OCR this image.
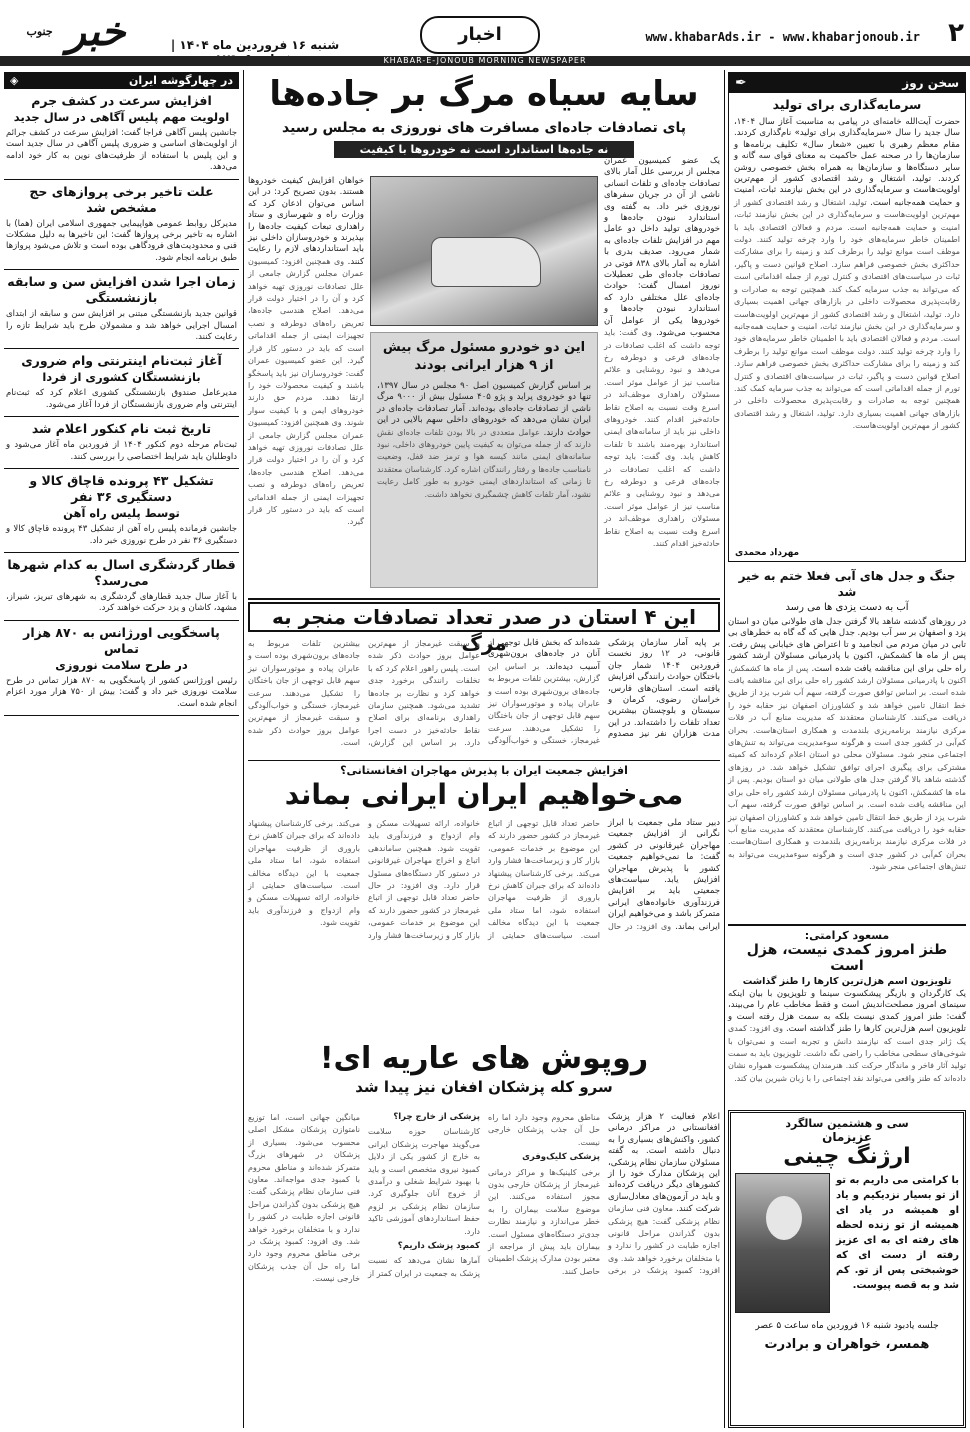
۲
www.khabarAds.ir - www.khabarjonoub.ir
اخبار
شنبه ۱۶ فروردین ماه ۱۴۰۴ |
خبر $^{جنوب}$
KHABAR-E-JONOUB MORNING NEWSPAPER
سخن روز
✒
سرمایه‌گذاری برای تولید
حضرت آیت‌الله خامنه‌ای در پیامی به مناسبت آغاز سال ۱۴۰۴، سال جدید را سال «سرمایه‌گذاری برای تولید» نام‌گذاری کردند. مقام معظم رهبری با تعیین «شعار سال» تکلیف برنامه‌ها و سازمان‌ها را در صحنه عمل حاکمیت به معنای قوای سه گانه و سایر دستگاه‌ها و سازمان‌ها به همراه بخش خصوصی روشن کردند. تولید، اشتغال و رشد اقتصادی کشور از مهم‌ترین اولویت‌هاست و سرمایه‌گذاری در این بخش نیازمند ثبات، امنیت و حمایت همه‌جانبه است. تولید، اشتغال و رشد اقتصادی کشور از مهم‌ترین اولویت‌هاست و سرمایه‌گذاری در این بخش نیازمند ثبات، امنیت و حمایت همه‌جانبه است. مردم و فعالان اقتصادی باید با اطمینان خاطر سرمایه‌های خود را وارد چرخه تولید کنند. دولت موظف است موانع تولید را برطرف کند و زمینه را برای مشارکت حداکثری بخش خصوصی فراهم سازد. اصلاح قوانین دست و پاگیر، ثبات در سیاست‌های اقتصادی و کنترل تورم از جمله اقداماتی است که می‌تواند به جذب سرمایه کمک کند. همچنین توجه به صادرات و رقابت‌پذیری محصولات داخلی در بازارهای جهانی اهمیت بسیاری دارد. تولید، اشتغال و رشد اقتصادی کشور از مهم‌ترین اولویت‌هاست و سرمایه‌گذاری در این بخش نیازمند ثبات، امنیت و حمایت همه‌جانبه است. مردم و فعالان اقتصادی باید با اطمینان خاطر سرمایه‌های خود را وارد چرخه تولید کنند. دولت موظف است موانع تولید را برطرف کند و زمینه را برای مشارکت حداکثری بخش خصوصی فراهم سازد. اصلاح قوانین دست و پاگیر، ثبات در سیاست‌های اقتصادی و کنترل تورم از جمله اقداماتی است که می‌تواند به جذب سرمایه کمک کند. همچنین توجه به صادرات و رقابت‌پذیری محصولات داخلی در بازارهای جهانی اهمیت بسیاری دارد. تولید، اشتغال و رشد اقتصادی کشور از مهم‌ترین اولویت‌هاست.
مهرداد محمدی
جنگ و جدل های آبی فعلا ختم به خیر شد
آب به دست یزدی ها می رسد
در روزهای گذشته شاهد بالا گرفتن جدل های طولانی میان دو استان یزد و اصفهان بر سر آب بودیم. جدل هایی که گه گاه به خطرهای بی تابی در میان مردم می انجامید و تا اعتراض های خیابانی پیش رفت. پس از ماه ها کشمکش، اکنون با پادرمیانی مسئولان ارشد کشور راه حلی برای این مناقشه یافت شده است. پس از ماه ها کشمکش، اکنون با پادرمیانی مسئولان ارشد کشور راه حلی برای این مناقشه یافت شده است. بر اساس توافق صورت گرفته، سهم آب شرب یزد از طریق خط انتقال تامین خواهد شد و کشاورزان اصفهان نیز حقابه خود را دریافت می‌کنند. کارشناسان معتقدند که مدیریت منابع آب در فلات مرکزی نیازمند برنامه‌ریزی بلندمدت و همکاری استان‌هاست. بحران کم‌آبی در کشور جدی است و هرگونه سوءمدیریت می‌تواند به تنش‌های اجتماعی منجر شود. مسئولان محلی دو استان اعلام کرده‌اند که کمیته مشترکی برای پیگیری اجرای توافق تشکیل خواهد شد. در روزهای گذشته شاهد بالا گرفتن جدل های طولانی میان دو استان بودیم. پس از ماه ها کشمکش، اکنون با پادرمیانی مسئولان ارشد کشور راه حلی برای این مناقشه یافت شده است. بر اساس توافق صورت گرفته، سهم آب شرب یزد از طریق خط انتقال تامین خواهد شد و کشاورزان اصفهان نیز حقابه خود را دریافت می‌کنند. کارشناسان معتقدند که مدیریت منابع آب در فلات مرکزی نیازمند برنامه‌ریزی بلندمدت و همکاری استان‌هاست. بحران کم‌آبی در کشور جدی است و هرگونه سوءمدیریت می‌تواند به تنش‌های اجتماعی منجر شود.
مسعود کرامتی:
طنز امروز کمدی نیست، هزل است
تلویزیون اسم هزل‌ترین کارها را طنز گذاشت
یک کارگردان و بازیگر پیشکسوت سینما و تلویزیون با بیان اینکه سینمای امروز مصلحت‌اندیش است و فقط مخاطب عام را می‌بیند، گفت: طنز امروز کمدی نیست بلکه به سمت هزل رفته است و تلویزیون اسم هزل‌ترین کارها را طنز گذاشته است. وی افزود: کمدی یک ژانر جدی است که نیازمند دانش و تجربه است و نمی‌توان با شوخی‌های سطحی مخاطب را راضی نگه داشت. تلویزیون باید به سمت تولید آثار فاخر و ماندگار حرکت کند. هنرمندان پیشکسوت همواره نشان داده‌اند که طنز واقعی می‌تواند نقد اجتماعی را با زبان شیرین بیان کند.
سی و هشتمین سالگرد
عزیزمان
ارژنگ چینی
با کرامتی می داریم به تو از تو بسیار نزدیکیم و یاد او همیشه در یاد ای همیشه از تو زنده لحظه های رفته ای به ای عزیز رفته از دست ای که خوشبختی پس از تو. کم شد و به قصه پیوست.
جلسه یادبود شنبه ۱۶ فروردین ماه ساعت ۵ عصر
همسر، خواهران و برادرت
در چهارگوشه ایران
◈
افزایش سرعت در کشف جرم
اولویت مهم پلیس آگاهی در سال جدید
جانشین پلیس آگاهی فراجا گفت: افزایش سرعت در کشف جرائم از اولویت‌های اساسی و ضروری پلیس آگاهی در سال جدید است و این پلیس با استفاده از ظرفیت‌های نوین به کار خود ادامه می‌دهد.
علت تاخیر برخی پروازهای حج مشخص شد
مدیرکل روابط عمومی هواپیمایی جمهوری اسلامی ایران (هما) با اشاره به تاخیر برخی پروازها گفت: این تاخیرها به دلیل مشکلات فنی و محدودیت‌های فرودگاهی بوده است و تلاش می‌شود پروازها طبق برنامه انجام شود.
زمان اجرا شدن افزایش سن و سابقه بازنشستگی
قوانین جدید بازنشستگی مبتنی بر افزایش سن و سابقه از ابتدای امسال اجرایی خواهد شد و مشمولان طرح باید شرایط تازه را رعایت کنند.
آغاز ثبت‌نام اینترنتی وام ضروری
بازنشستگان کشوری از فردا
مدیرعامل صندوق بازنشستگی کشوری اعلام کرد که ثبت‌نام اینترنتی وام ضروری بازنشستگان از فردا آغاز می‌شود.
تاریخ ثبت نام کنکور اعلام شد
ثبت‌نام مرحله دوم کنکور ۱۴۰۴ از فروردین ماه آغاز می‌شود و داوطلبان باید شرایط اختصاصی را بررسی کنند.
تشکیل ۴۳ پرونده قاچاق کالا و دستگیری ۳۶ نفر
توسط پلیس راه آهن
جانشین فرمانده پلیس راه آهن از تشکیل ۴۳ پرونده قاچاق کالا و دستگیری ۳۶ نفر در طرح نوروزی خبر داد.
قطار گردشگری اسال به کدام شهرها می‌رسد؟
با آغاز سال جدید قطارهای گردشگری به شهرهای تبریز، شیراز، مشهد، کاشان و یزد حرکت خواهند کرد.
پاسخگویی اورژانس به ۸۷۰ هزار تماس
در طرح سلامت نوروزی
رئیس اورژانس کشور از پاسخگویی به ۸۷۰ هزار تماس در طرح سلامت نوروزی خبر داد و گفت: بیش از ۷۵۰ هزار مورد اعزام انجام شده است.
سایه سیاه مرگ بر جاده‌ها
پای تصادفات جاده‌ای مسافرت های نوروزی به مجلس رسید
نه جاده‌ها استاندارد است نه خودروها با کیفیت
یک عضو کمیسیون عمران مجلس از بررسی علل آمار بالای تصادفات جاده‌ای و تلفات انسانی ناشی از آن در جریان سفرهای نوروزی خبر داد. به گفته وی استاندارد نبودن جاده‌ها و خودروهای تولید داخل دو عامل مهم در افزایش تلفات جاده‌ای به شمار می‌رود. صدیف بدری با اشاره به آمار بالای ۸۳۸ فوتی در تصادفات جاده‌ای طی تعطیلات نوروز امسال گفت: حوادث جاده‌ای علل مختلفی دارد که استاندارد نبودن جاده‌ها و خودروها یکی از عوامل آن محسوب می‌شود. وی گفت: باید توجه داشت که اغلب تصادفات در جاده‌های فرعی و دوطرفه رخ می‌دهد و نبود روشنایی و علائم مناسب نیز از عوامل موثر است. مسئولان راهداری موظف‌اند در اسرع وقت نسبت به اصلاح نقاط حادثه‌خیز اقدام کنند. خودروهای داخلی نیز باید از سامانه‌های ایمنی استاندارد بهره‌مند باشند تا تلفات کاهش یابد. وی گفت: باید توجه داشت که اغلب تصادفات در جاده‌های فرعی و دوطرفه رخ می‌دهد و نبود روشنایی و علائم مناسب نیز از عوامل موثر است. مسئولان راهداری موظف‌اند در اسرع وقت نسبت به اصلاح نقاط حادثه‌خیز اقدام کنند.
خواهان افزایش کیفیت خودروها هستند. بدون تصریح کرد: در این اساس می‌توان اذعان کرد که وزارت راه و شهرسازی و ستاد راهداری تبعات کیفیت جاده‌ها را بپذیرند و خودروسازان داخلی نیز باید استانداردهای لازم را رعایت کنند. وی همچنین افزود: کمیسیون عمران مجلس گزارش جامعی از علل تصادفات نوروزی تهیه خواهد کرد و آن را در اختیار دولت قرار می‌دهد. اصلاح هندسی جاده‌ها، تعریض راه‌های دوطرفه و نصب تجهیزات ایمنی از جمله اقداماتی است که باید در دستور کار قرار گیرد. این عضو کمیسیون عمران گفت: خودروسازان نیز باید پاسخگو باشند و کیفیت محصولات خود را ارتقا دهند. مردم حق دارند خودروهای ایمن و با کیفیت سوار شوند. وی همچنین افزود: کمیسیون عمران مجلس گزارش جامعی از علل تصادفات نوروزی تهیه خواهد کرد و آن را در اختیار دولت قرار می‌دهد. اصلاح هندسی جاده‌ها، تعریض راه‌های دوطرفه و نصب تجهیزات ایمنی از جمله اقداماتی است که باید در دستور کار قرار گیرد.
این دو خودرو مسئول مرگ بیش از ۹ هزار ایرانی بودند
بر اساس گزارش کمیسیون اصل ۹۰ مجلس در سال ۱۳۹۷، تنها دو خودروی پراید و پژو ۴۰۵ مسئول بیش از ۹۰۰۰ مرگ ناشی از تصادفات جاده‌ای بوده‌اند. آمار تصادفات جاده‌ای در ایران نشان می‌دهد که خودروهای داخلی سهم بالایی در این حوادث دارند. عوامل متعددی در بالا بودن تلفات جاده‌ای نقش دارند که از جمله می‌توان به کیفیت پایین خودروهای داخلی، نبود سامانه‌های ایمنی مانند کیسه هوا و ترمز ضد قفل، وضعیت نامناسب جاده‌ها و رفتار رانندگان اشاره کرد. کارشناسان معتقدند تا زمانی که استانداردهای ایمنی خودرو به طور کامل رعایت نشود، آمار تلفات کاهش چشمگیری نخواهد داشت.
این ۴ استان در صدر تعداد تصادفات منجر به مرگ	بر پایه آمار سازمان پزشکی قانونی، در ۱۲ روز نخست فروردین ۱۴۰۴ شمار جان باختگان حوادث رانندگی افزایش یافته است. استان‌های فارس، خراسان رضوی، کرمان و سیستان و بلوچستان بیشترین تعداد تلفات را داشته‌اند. در این مدت هزاران نفر نیز مصدوم شده‌اند که بخش قابل توجهی از آنان در جاده‌های برون‌شهری آسیب دیده‌اند. بر اساس این گزارش، بیشترین تلفات مربوط به جاده‌های برون‌شهری بوده است و عابران پیاده و موتورسواران نیز سهم قابل توجهی از جان باختگان را تشکیل می‌دهند. سرعت غیرمجاز، خستگی و خواب‌آلودگی و سبقت غیرمجاز از مهم‌ترین عوامل بروز حوادث ذکر شده است. پلیس راهور اعلام کرد که با تخلفات رانندگی برخورد جدی خواهد کرد و نظارت بر جاده‌ها تشدید می‌شود. همچنین سازمان راهداری برنامه‌ای برای اصلاح نقاط حادثه‌خیز در دست اجرا دارد. بر اساس این گزارش، بیشترین تلفات مربوط به جاده‌های برون‌شهری بوده است و عابران پیاده و موتورسواران نیز سهم قابل توجهی از جان باختگان را تشکیل می‌دهند. سرعت غیرمجاز، خستگی و خواب‌آلودگی و سبقت غیرمجاز از مهم‌ترین عوامل بروز حوادث ذکر شده است.
افزایش جمعیت ایران با پذیرش مهاجران افغانستانی؟
می‌خواهیم ایران ایرانی بماند
دبیر ستاد ملی جمعیت با ابراز نگرانی از افزایش جمعیت مهاجران غیرقانونی در کشور گفت: ما نمی‌خواهیم جمعیت کشور با پذیرش مهاجران افزایش یابد. سیاست‌های جمعیتی باید بر افزایش فرزندآوری خانواده‌های ایرانی متمرکز باشد و می‌خواهیم ایران ایرانی بماند. وی افزود: در حال حاضر تعداد قابل توجهی از اتباع غیرمجاز در کشور حضور دارند که این موضوع بر خدمات عمومی، بازار کار و زیرساخت‌ها فشار وارد می‌کند. برخی کارشناسان پیشنهاد داده‌اند که برای جبران کاهش نرخ باروری از ظرفیت مهاجران استفاده شود، اما ستاد ملی جمعیت با این دیدگاه مخالف است. سیاست‌های حمایتی از خانواده، ارائه تسهیلات مسکن و وام ازدواج و فرزندآوری باید تقویت شود. همچنین ساماندهی اتباع و اخراج مهاجران غیرقانونی در دستور کار دستگاه‌های مسئول قرار دارد. وی افزود: در حال حاضر تعداد قابل توجهی از اتباع غیرمجاز در کشور حضور دارند که این موضوع بر خدمات عمومی، بازار کار و زیرساخت‌ها فشار وارد می‌کند. برخی کارشناسان پیشنهاد داده‌اند که برای جبران کاهش نرخ باروری از ظرفیت مهاجران استفاده شود، اما ستاد ملی جمعیت با این دیدگاه مخالف است. سیاست‌های حمایتی از خانواده، ارائه تسهیلات مسکن و وام ازدواج و فرزندآوری باید تقویت شود.
روپوش های عاریه ای!
سرو کله پزشکان افغان نیز پیدا شد
اعلام فعالیت ۲ هزار پزشک افغانستانی در مراکز درمانی کشور، واکنش‌های بسیاری را به دنبال داشته است. به گفته مسئولان سازمان نظام پزشکی، این پزشکان مدارک خود را از کشورهای دیگر دریافت کرده‌اند و باید در آزمون‌های معادل‌سازی شرکت کنند. معاون فنی سازمان نظام پزشکی گفت: هیچ پزشکی بدون گذراندن مراحل قانونی اجازه طبابت در کشور را ندارد و با متخلفان برخورد خواهد شد. وی افزود: کمبود پزشک در برخی مناطق محروم وجود دارد اما راه حل آن جذب پزشکان خارجی نیست.
پزشکی کلیک‌وفری
برخی کلینیک‌ها و مراکز درمانی غیرمجاز از پزشکان خارجی بدون مجوز استفاده می‌کنند. این موضوع سلامت بیماران را به خطر می‌اندازد و نیازمند نظارت جدی‌تر دستگاه‌های مسئول است. بیماران باید پیش از مراجعه از معتبر بودن مدارک پزشک اطمینان حاصل کنند.
پزشکی از خارج چرا؟
کارشناسان حوزه سلامت می‌گویند مهاجرت پزشکان ایرانی به خارج از کشور یکی از دلایل کمبود نیروی متخصص است و باید با بهبود شرایط شغلی و درآمدی از خروج آنان جلوگیری کرد. سازمان نظام پزشکی بر لزوم حفظ استانداردهای آموزشی تاکید دارد.
کمبود پزشک داریم؟
آمارها نشان می‌دهد که نسبت پزشک به جمعیت در ایران کمتر از میانگین جهانی است، اما توزیع نامتوازن پزشکان مشکل اصلی محسوب می‌شود. بسیاری از پزشکان در شهرهای بزرگ متمرکز شده‌اند و مناطق محروم با کمبود جدی مواجه‌اند. معاون فنی سازمان نظام پزشکی گفت: هیچ پزشکی بدون گذراندن مراحل قانونی اجازه طبابت در کشور را ندارد و با متخلفان برخورد خواهد شد. وی افزود: کمبود پزشک در برخی مناطق محروم وجود دارد اما راه حل آن جذب پزشکان خارجی نیست.
